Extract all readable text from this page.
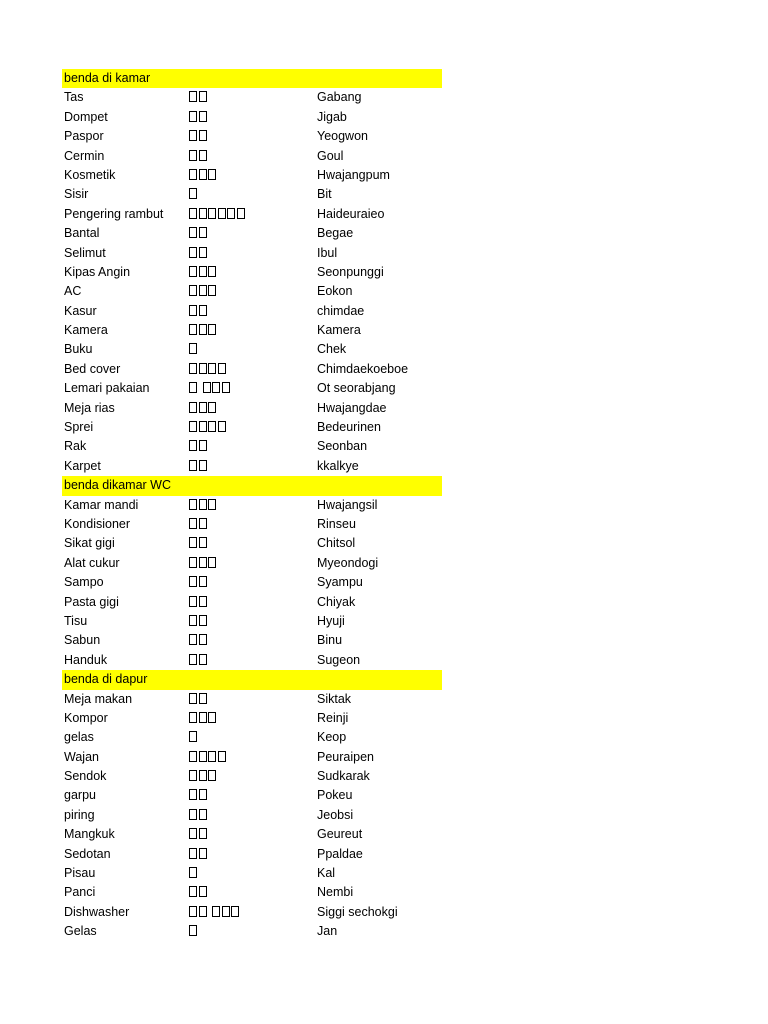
benda di kamar
Tas	Gabang
Dompet	Jigab
Paspor	Yeogwon
Cermin	Goul
Kosmetik	Hwajangpum
Sisir	Bit
Pengering rambut	Haideuraieo
Bantal	Begae
Selimut	Ibul
Kipas Angin	Seonpunggi
AC	Eokon
Kasur	chimdae
Kamera	Kamera
Buku	Chek
Bed cover	Chimdaekoeboe
Lemari pakaian	Ot seorabjang
Meja rias	Hwajangdae
Sprei	Bedeurinen
Rak	Seonban
Karpet	kkalkye
benda dikamar WC
Kamar mandi	Hwajangsil
Kondisioner	Rinseu
Sikat gigi	Chitsol
Alat cukur	Myeondogi
Sampo	Syampu
Pasta gigi	Chiyak
Tisu	Hyuji
Sabun	Binu
Handuk	Sugeon
benda di dapur
Meja makan	Siktak
Kompor	Reinji
gelas	Keop
Wajan	Peuraipen
Sendok	Sudkarak
garpu	Pokeu
piring	Jeobsi
Mangkuk	Geureut
Sedotan	Ppaldae
Pisau	Kal
Panci	Nembi
Dishwasher	Siggi sechokgi
Gelas	Jan
